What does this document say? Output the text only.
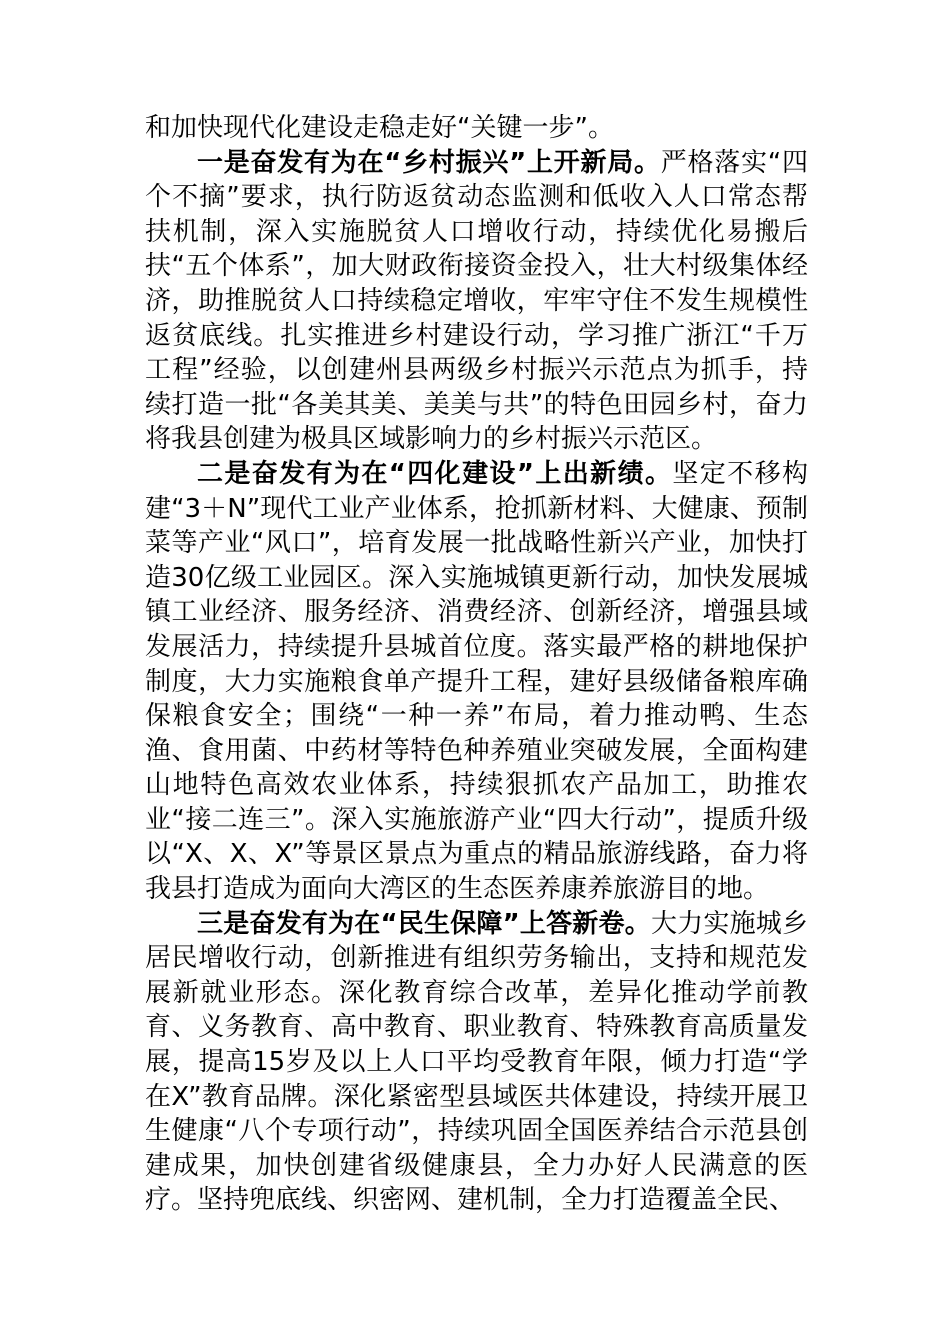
和加快现代化建设走稳走好“关键一步”。

一是奋发有为在“乡村振兴”上开新局。严格落实“四个不摘”要求，执行防返贫动态监测和低收入人口常态帮扶机制，深入实施脱贫人口增收行动，持续优化易搬后扶“五个体系”，加大财政衔接资金投入，壮大村级集体经济，助推脱贫人口持续稳定增收，牢牢守住不发生规模性返贫底线。扎实推进乡村建设行动，学习推广浙江“千万工程”经验，以创建州县两级乡村振兴示范点为抓手，持续打造一批“各美其美、美美与共”的特色田园乡村，奋力将我县创建为极具区域影响力的乡村振兴示范区。

二是奋发有为在“四化建设”上出新绩。坚定不移构建“3＋N”现代工业产业体系，抢抓新材料、大健康、预制菜等产业“风口”，培育发展一批战略性新兴产业，加快打造30亿级工业园区。深入实施城镇更新行动，加快发展城镇工业经济、服务经济、消费经济、创新经济，增强县域发展活力，持续提升县城首位度。落实最严格的耕地保护制度，大力实施粮食单产提升工程，建好县级储备粮库确保粮食安全；围绕“一种一养”布局，着力推动鸭、生态渔、食用菌、中药材等特色种养殖业突破发展，全面构建山地特色高效农业体系，持续狠抓农产品加工，助推农业“接二连三”。深入实施旅游产业“四大行动”，提质升级以“X、X、X”等景区景点为重点的精品旅游线路，奋力将我县打造成为面向大湾区的生态医养康养旅游目的地。

三是奋发有为在“民生保障”上答新卷。大力实施城乡居民增收行动，创新推进有组织劳务输出，支持和规范发展新就业形态。深化教育综合改革，差异化推动学前教育、义务教育、高中教育、职业教育、特殊教育高质量发展，提高15岁及以上人口平均受教育年限，倾力打造“学在X”教育品牌。深化紧密型县域医共体建设，持续开展卫生健康“八个专项行动”，持续巩固全国医养结合示范县创建成果，加快创建省级健康县，全力办好人民满意的医疗。坚持兜底线、织密网、建机制，全力打造覆盖全民、
